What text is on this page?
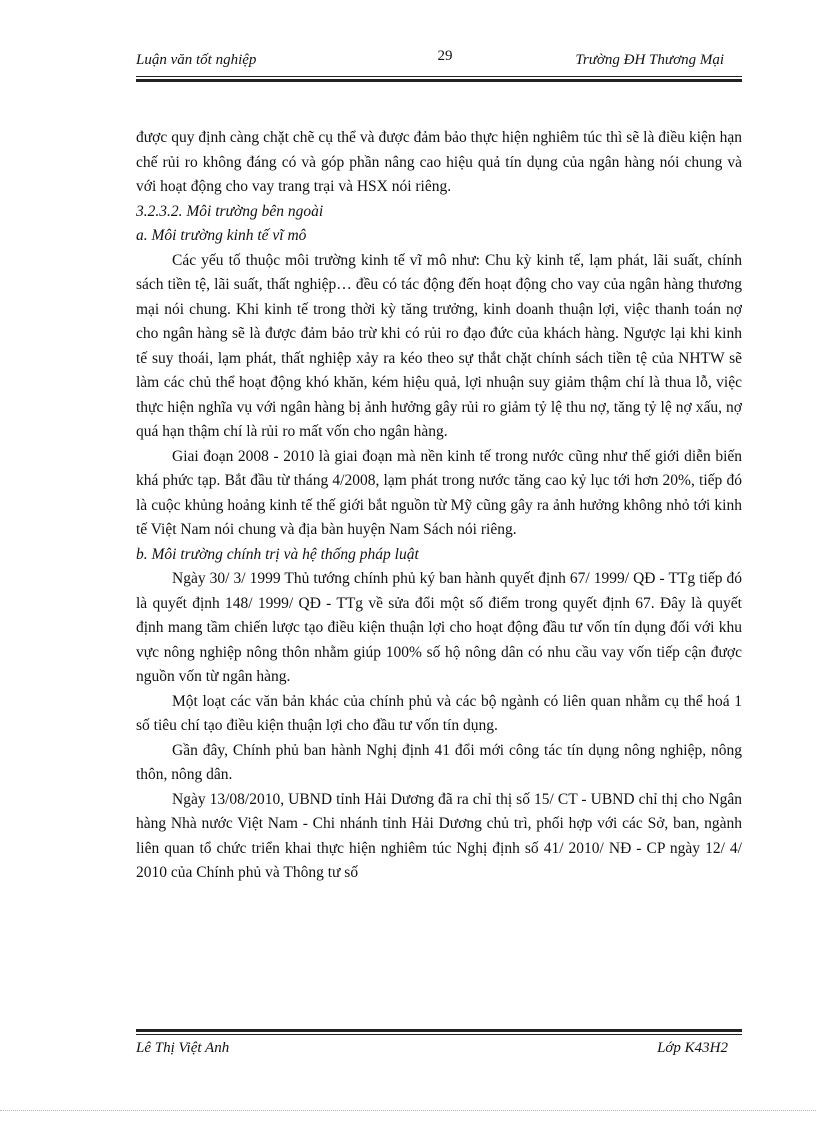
Luận văn tốt nghiệp	29	Trường ĐH Thương Mại

được quy định càng chặt chẽ cụ thể và được đảm bảo thực hiện nghiêm túc thì sẽ là điều kiện hạn chế rủi ro không đáng có và góp phần nâng cao hiệu quả tín dụng của ngân hàng nói chung và với hoạt động cho vay trang trại và HSX nói riêng.

3.2.3.2. Môi trường bên ngoài

a. Môi trường kinh tế vĩ mô

Các yếu tố thuộc môi trường kinh tế vĩ mô như: Chu kỳ kinh tế, lạm phát, lãi suất, chính sách tiền tệ, lãi suất, thất nghiệp… đều có tác động đến hoạt động cho vay của ngân hàng thương mại nói chung. Khi kinh tế trong thời kỳ tăng trưởng, kinh doanh thuận lợi, việc thanh toán nợ cho ngân hàng sẽ là được đảm bảo trừ khi có rủi ro đạo đức của khách hàng. Ngược lại khi kinh tế suy thoái, lạm phát, thất nghiệp xảy ra kéo theo sự thắt chặt chính sách tiền tệ của NHTW sẽ làm các chủ thể hoạt động khó khăn, kém hiệu quả, lợi nhuận suy giảm thậm chí là thua lỗ, việc thực hiện nghĩa vụ với ngân hàng bị ảnh hưởng gây rủi ro giảm tỷ lệ thu nợ, tăng tỷ lệ nợ xấu, nợ quá hạn thậm chí là rủi ro mất vốn cho ngân hàng.

Giai đoạn 2008 - 2010 là giai đoạn mà nền kinh tế trong nước cũng như thế giới diễn biến khá phức tạp. Bắt đầu từ tháng 4/2008, lạm phát trong nước tăng cao kỷ lục tới hơn 20%, tiếp đó là cuộc khủng hoảng kinh tế thế giới bắt nguồn từ Mỹ cũng gây ra ảnh hưởng không nhỏ tới kinh tế Việt Nam nói chung và địa bàn huyện Nam Sách nói riêng.

b. Môi trường chính trị và hệ thống pháp luật

Ngày 30/ 3/ 1999 Thủ tướng chính phủ ký ban hành quyết định 67/ 1999/ QĐ - TTg tiếp đó là quyết định 148/ 1999/ QĐ - TTg về sửa đổi một số điểm trong quyết định 67. Đây là quyết định mang tầm chiến lược tạo điều kiện thuận lợi cho hoạt động đầu tư vốn tín dụng đối với khu vực nông nghiệp nông thôn nhằm giúp 100% số hộ nông dân có nhu cầu vay vốn tiếp cận được nguồn vốn từ ngân hàng.

Một loạt các văn bản khác của chính phủ và các bộ ngành có liên quan nhằm cụ thể hoá 1 số tiêu chí tạo điều kiện thuận lợi cho đầu tư vốn tín dụng.

Gần đây, Chính phủ ban hành Nghị định 41 đổi mới công tác tín dụng nông nghiệp, nông thôn, nông dân.

Ngày 13/08/2010, UBND tỉnh Hải Dương đã ra chỉ thị số 15/ CT - UBND chỉ thị cho Ngân hàng Nhà nước Việt Nam - Chi nhánh tỉnh Hải Dương chủ trì, phối hợp với các Sở, ban, ngành liên quan tổ chức triển khai thực hiện nghiêm túc Nghị định số 41/ 2010/ NĐ - CP ngày 12/ 4/ 2010 của Chính phủ và Thông tư số

Lê Thị Việt Anh	Lớp K43H2
